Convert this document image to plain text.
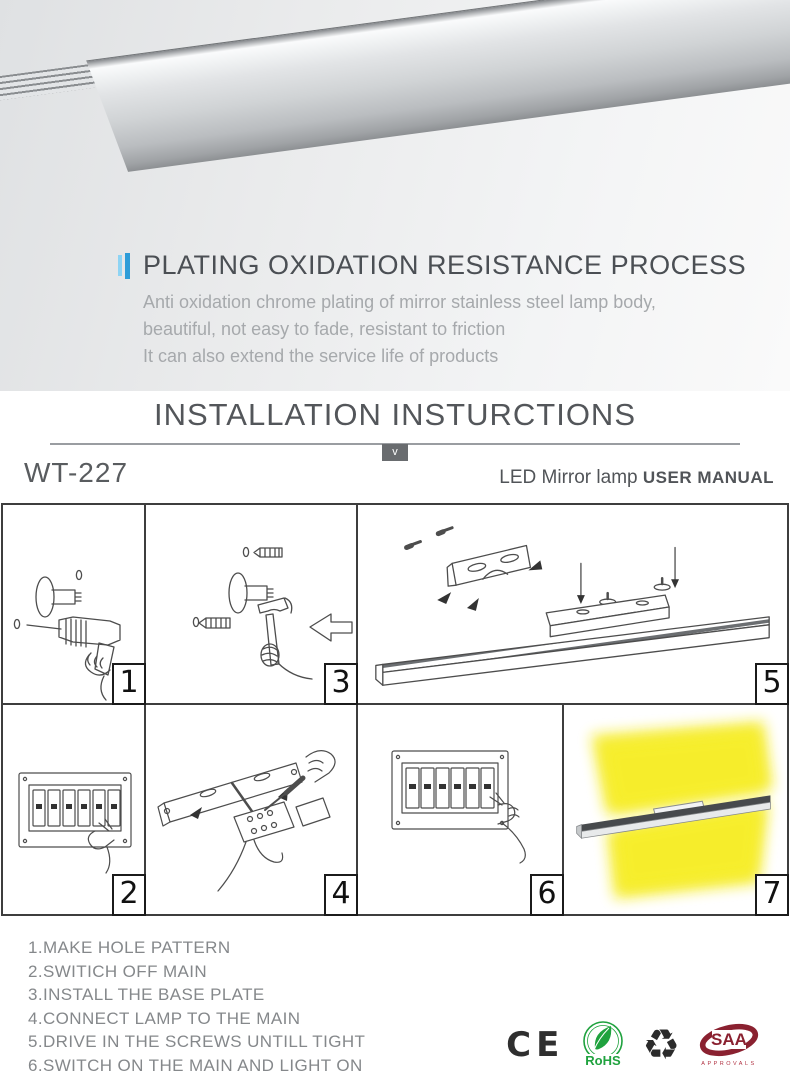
PLATING OXIDATION RESISTANCE PROCESS
Anti oxidation chrome plating of mirror stainless steel lamp body,
beautiful, not easy to fade, resistant to friction
It can also extend the service life of products
INSTALLATION INSTURCTIONS
v
WT-227	LED Mirror lamp USER MANUAL
1	3	5
2	4	6	7
1.MAKE HOLE PATTERN
2.SWITICH OFF MAIN
3.INSTALL THE BASE PLATE
4.CONNECT LAMP TO THE MAIN
5.DRIVE IN THE SCREWS UNTILL TIGHT
6.SWITCH ON THE MAIN AND LIGHT ON	CE RoHS ♻ SAA
APPROVALS
